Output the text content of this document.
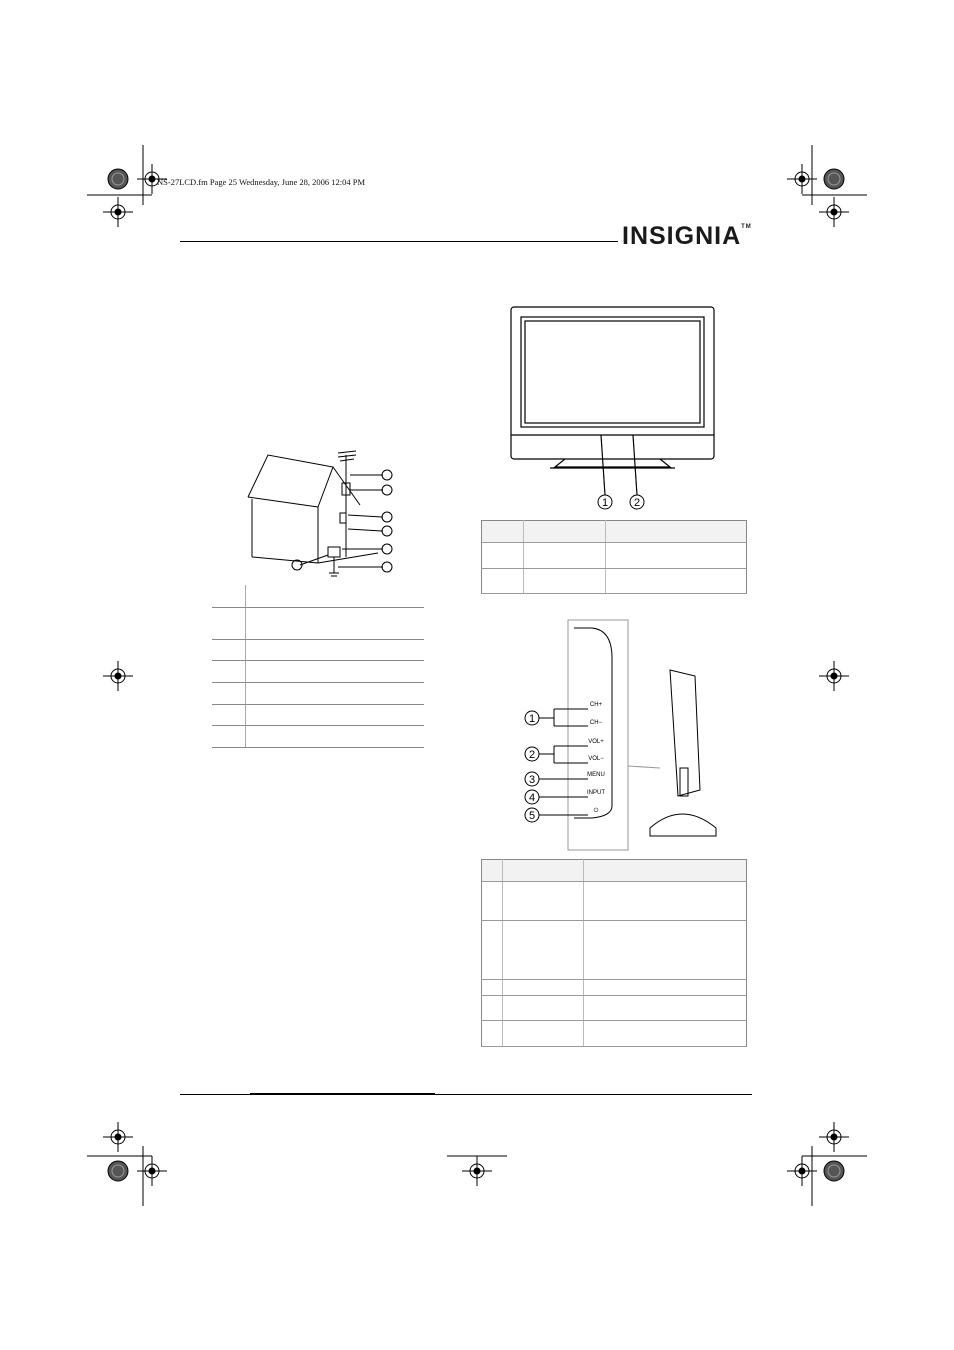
NS-27LCD.fm Page 25 Wednesday, June 28, 2006 12:04 PM
INSIGNIA™

1 2

CH+
CH−
VOL+
VOL−
MENU
INPUT
⏻
1
2
3
4
5
